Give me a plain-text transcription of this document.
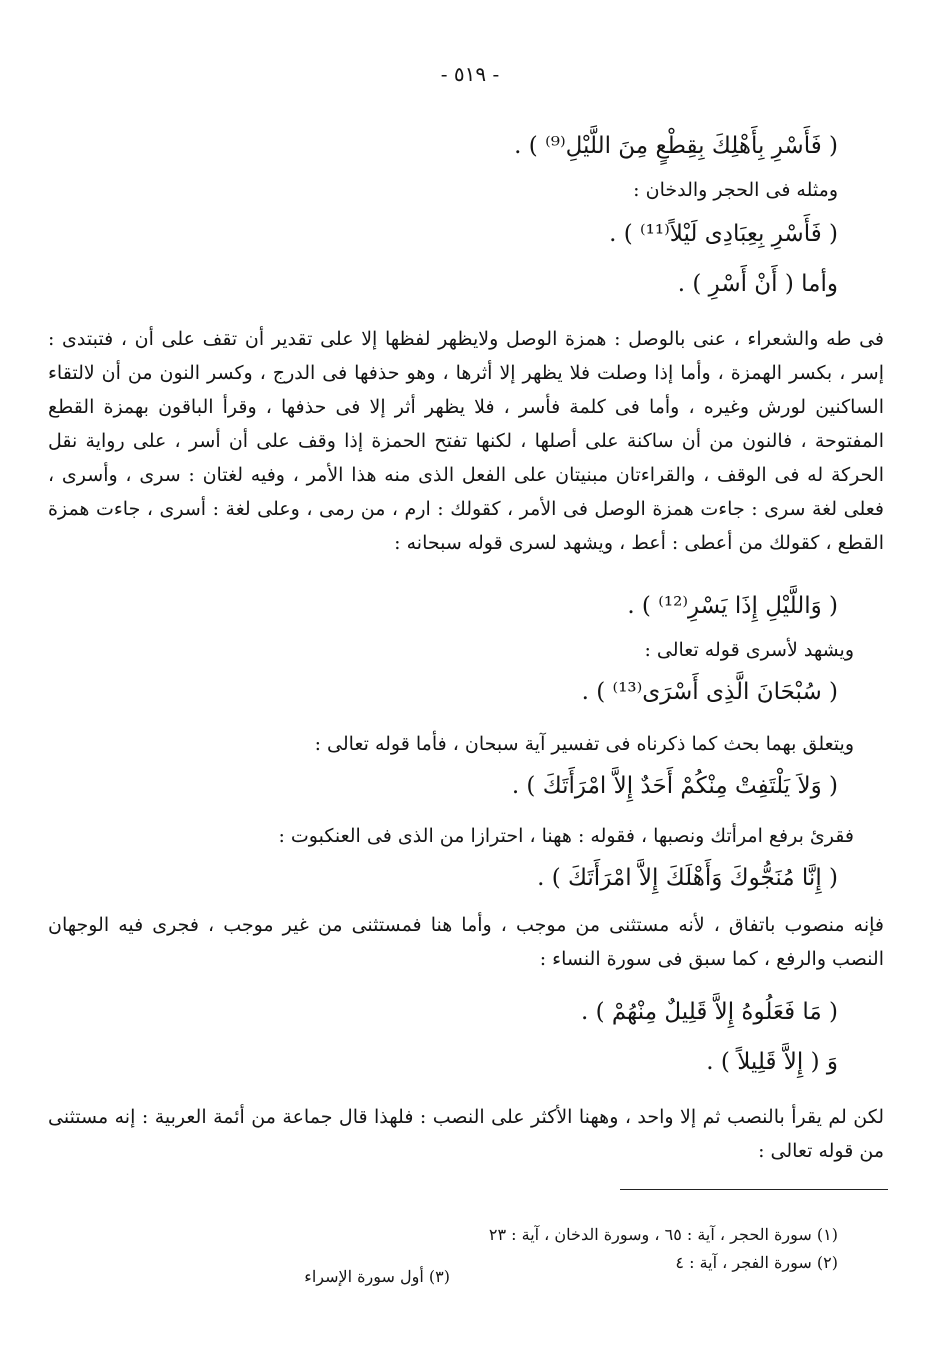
- ٥١٩ -
( فَأَسْرِ بِأَهْلِكَ بِقِطْعٍ مِنَ اللَّيْلِ⁽⁹⁾ ) .
ومثله فى الحجر والدخان :
( فَأَسْرِ بِعِبَادِى لَيْلاً⁽¹¹⁾ ) .
وأما ( أَنْ أَسْرِ ) .
فى طه والشعراء ، عنى بالوصل : همزة الوصل ولايظهر لفظها إلا على تقدير أن تقف على أن ، فتبتدى : إسر ، بكسر الهمزة ، وأما إذا وصلت فلا يظهر إلا أثرها ، وهو حذفها فى الدرج ، وكسر النون من أن لالتقاء الساكنين لورش وغيره ، وأما فى كلمة فأسر ، فلا يظهر أثر إلا فى حذفها ، وقرأ الباقون بهمزة القطع المفتوحة ، فالنون من أن ساكنة على أصلها ، لكنها تفتح الحمزة إذا وقف على أن أسر ، على رواية نقل الحركة له فى الوقف ، والقراءتان مبنيتان على الفعل الذى منه هذا الأمر ، وفيه لغتان : سرى ، وأسرى ، فعلى لغة سرى : جاءت همزة الوصل فى الأمر ، كقولك : ارم ، من رمى ، وعلى لغة : أسرى ، جاءت همزة القطع ، كقولك من أعطى : أعط ، ويشهد لسرى قوله سبحانه :
( وَاللَّيْلِ إِذَا يَسْرِ⁽¹²⁾ ) .
ويشهد لأسرى قوله تعالى :
( سُبْحَانَ الَّذِى أَسْرَى⁽¹³⁾ ) .
ويتعلق بهما بحث كما ذكرناه فى تفسير آية سبحان ، فأما قوله تعالى :
( وَلاَ يَلْتَفِتْ مِنْكُمْ أَحَدٌ إِلاَّ امْرَأَتَكَ ) .
فقرئ برفع امرأتك ونصبها ، فقوله : ههنا ، احترازا من الذى فى العنكبوت :
( إِنَّا مُنَجُّوكَ وَأَهْلَكَ إِلاَّ امْرَأَتَكَ ) .
فإنه منصوب باتفاق ، لأنه مستثنى من موجب ، وأما هنا فمستثنى من غير موجب ، فجرى فيه الوجهان النصب والرفع ، كما سبق فى سورة النساء :
( مَا فَعَلُوهُ إِلاَّ قَلِيلٌ مِنْهُمْ ) .
وَ ( إِلاَّ قَلِيلاً ) .
لكن لم يقرأ بالنصب ثم إلا واحد ، وههنا الأكثر على النصب : فلهذا قال جماعة من أئمة العربية : إنه مستثنى من قوله تعالى :
(١) سورة الحجر ، آية : ٦٥ ، وسورة الدخان ، آية : ٢٣
(٢) سورة الفجر ، آية : ٤
(٣) أول سورة الإسراء
